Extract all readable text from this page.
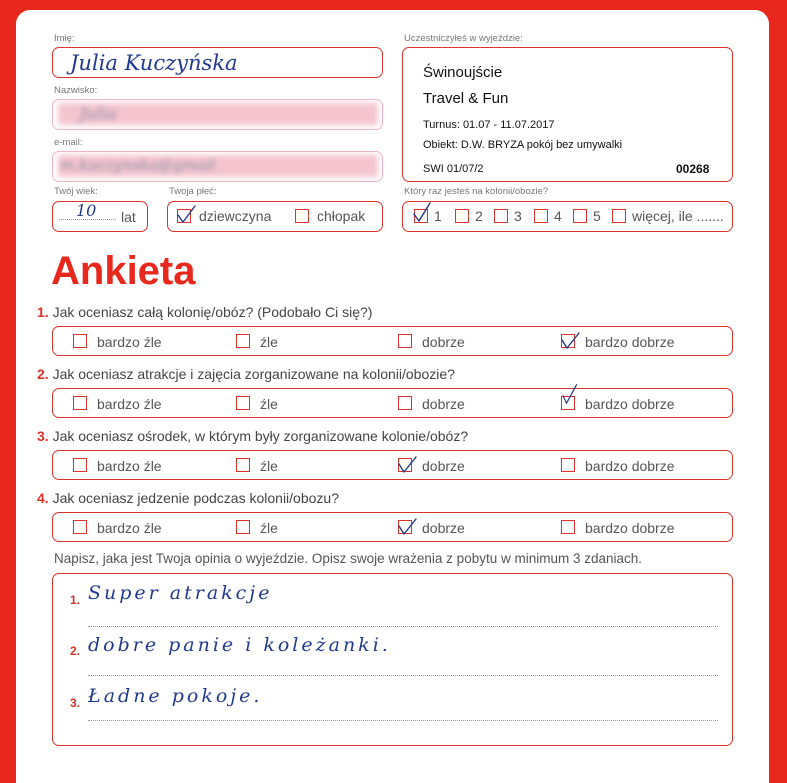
Imię:
Julia Kuczyńska
Nazwisko:
Julia
e-mail:
m.kuczynska@gmail
Twój wiek:
10 lat
Twoja płeć:
dziewczyna	chłopak
Uczestniczyłeś w wyjeździe:
Świnoujście
Travel & Fun
Turnus: 01.07 - 11.07.2017
Obiekt: D.W. BRYZA pokój bez umywalki
SWI 01/07/2	00268
Który raz jesteś na kolonii/obozie?
1 2 3 4 5 więcej, ile .......
Ankieta
1. Jak oceniasz całą kolonię/obóz? (Podobało Ci się?)
bardzo źle	źle	dobrze	bardzo dobrze
2. Jak oceniasz atrakcje i zajęcia zorganizowane na kolonii/obozie?
bardzo źle	źle	dobrze	bardzo dobrze
3. Jak oceniasz ośrodek, w którym były zorganizowane kolonie/obóz?
bardzo źle	źle	dobrze	bardzo dobrze
4. Jak oceniasz jedzenie podczas kolonii/obozu?
bardzo źle	źle	dobrze	bardzo dobrze
Napisz, jaka jest Twoja opinia o wyjeździe. Opisz swoje wrażenia z pobytu w minimum 3 zdaniach.
1.
2.
3.
Super atrakcje
dobre panie i koleżanki.
Ładne pokoje.
